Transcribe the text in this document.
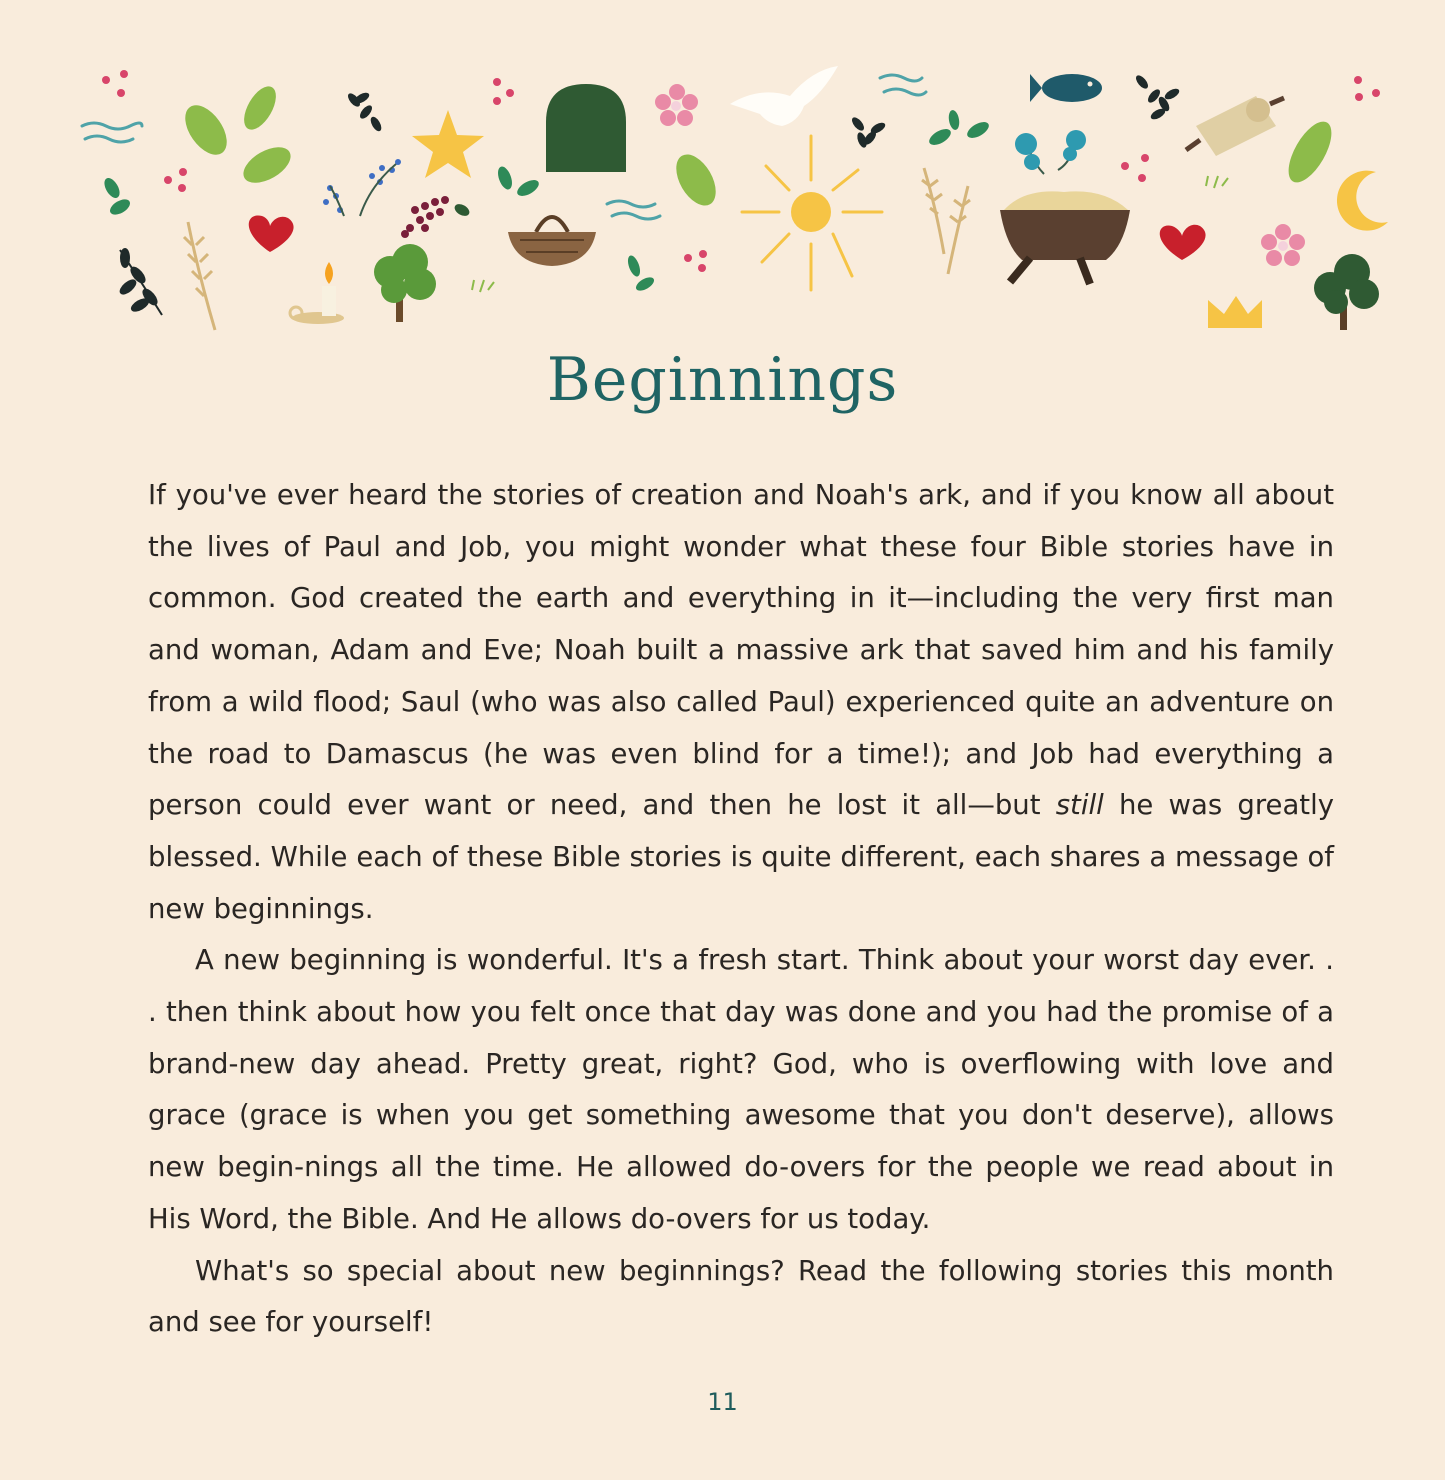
Beginnings

If you've ever heard the stories of creation and Noah's ark, and if you know all about the lives of Paul and Job, you might wonder what these four Bible stories have in common. God created the earth and everything in it—including the very first man and woman, Adam and Eve; Noah built a massive ark that saved him and his family from a wild flood; Saul (who was also called Paul) experienced quite an adventure on the road to Damascus (he was even blind for a time!); and Job had everything a person could ever want or need, and then he lost it all—but still he was greatly blessed. While each of these Bible stories is quite different, each shares a message of new beginnings.

A new beginning is wonderful. It's a fresh start. Think about your worst day ever. . . then think about how you felt once that day was done and you had the promise of a brand-new day ahead. Pretty great, right? God, who is overflowing with love and grace (grace is when you get something awesome that you don't deserve), allows new begin-nings all the time. He allowed do-overs for the people we read about in His Word, the Bible. And He allows do-overs for us today.

What's so special about new beginnings? Read the following stories this month and see for yourself!

11
